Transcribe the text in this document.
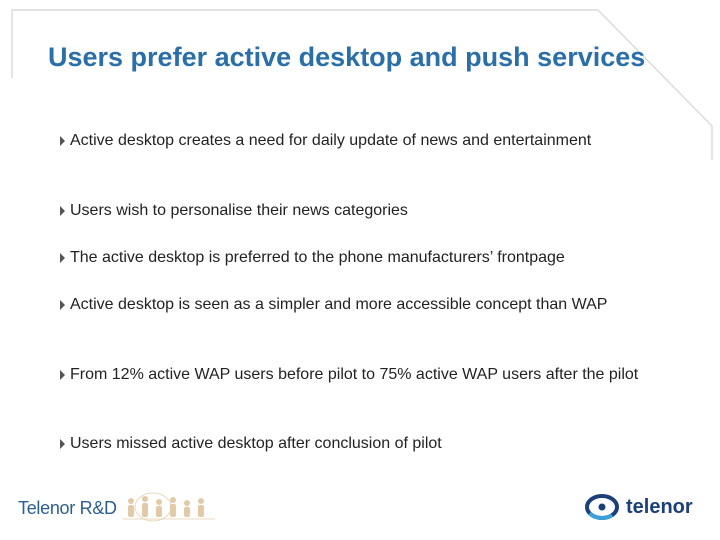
Users prefer active desktop and push services
Active desktop creates a need for daily update of news and entertainment
Users wish to personalise their news categories
The active desktop is preferred to the phone manufacturers’ frontpage
Active desktop is seen as a simpler and more accessible concept than WAP
From 12% active WAP users before pilot to 75% active WAP users after the pilot
Users missed active desktop after conclusion of pilot
Telenor R&D	telenor
